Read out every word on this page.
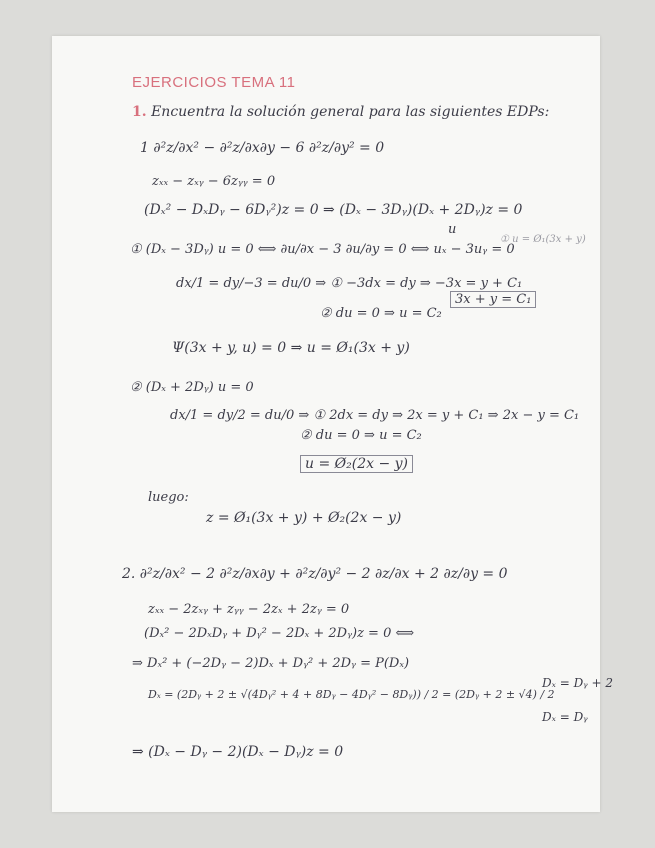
EJERCICIOS TEMA 11
1. Encuentra la solución general para las siguientes EDPs:
1 ∂²z/∂x² − ∂²z/∂x∂y − 6 ∂²z/∂y² = 0
zₓₓ − zₓᵧ − 6zᵧᵧ = 0
(Dₓ² − DₓDᵧ − 6Dᵧ²)z = 0 ⇒ (Dₓ − 3Dᵧ)(Dₓ + 2Dᵧ)z = 0
u
① (Dₓ − 3Dᵧ) u = 0 ⟺ ∂u/∂x − 3 ∂u/∂y = 0 ⟺ uₓ − 3uᵧ = 0
① u = Ø₁(3x + y)
dx/1 = dy/−3 = du/0 ⇒ ① −3dx = dy ⇒ −3x = y + C₁
3x + y = C₁
② du = 0 ⇒ u = C₂
Ψ(3x + y, u) = 0 ⇒ u = Ø₁(3x + y)
② (Dₓ + 2Dᵧ) u = 0
dx/1 = dy/2 = du/0 ⇒ ① 2dx = dy ⇒ 2x = y + C₁ ⇒ 2x − y = C₁
② du = 0 ⇒ u = C₂
u = Ø₂(2x − y)
luego:
z = Ø₁(3x + y) + Ø₂(2x − y)
2. ∂²z/∂x² − 2 ∂²z/∂x∂y + ∂²z/∂y² − 2 ∂z/∂x + 2 ∂z/∂y = 0
zₓₓ − 2zₓᵧ + zᵧᵧ − 2zₓ + 2zᵧ = 0
(Dₓ² − 2DₓDᵧ + Dᵧ² − 2Dₓ + 2Dᵧ)z = 0 ⟺
⇒ Dₓ² + (−2Dᵧ − 2)Dₓ + Dᵧ² + 2Dᵧ = P(Dₓ)
Dₓ = (2Dᵧ + 2 ± √(4Dᵧ² + 4 + 8Dᵧ − 4Dᵧ² − 8Dᵧ)) / 2 = (2Dᵧ + 2 ± √4) / 2
Dₓ = Dᵧ + 2
Dₓ = Dᵧ
⇒ (Dₓ − Dᵧ − 2)(Dₓ − Dᵧ)z = 0
